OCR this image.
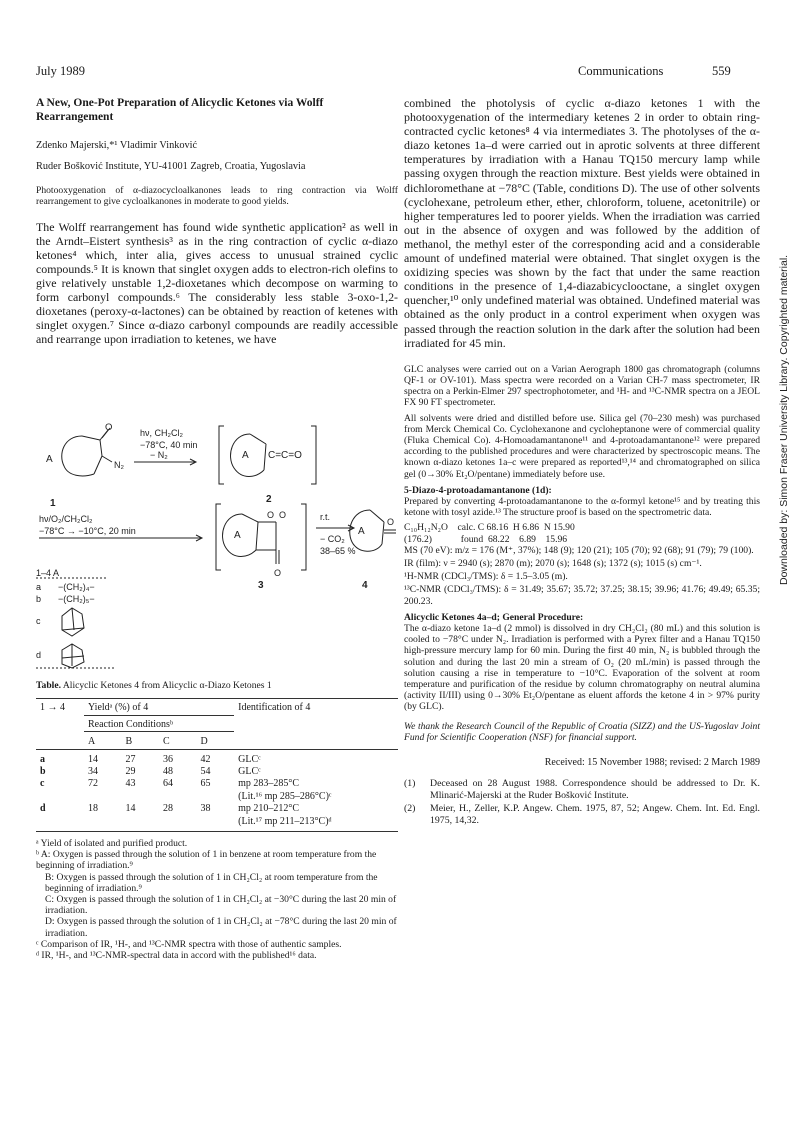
July 1989	Communications	559
Downloaded by: Simon Fraser University Library. Copyrighted material.

A New, One-Pot Preparation of Alicyclic Ketones via Wolff Rearrangement

Zdenko Majerski,*¹ Vladimir Vinković

Ruder Bošković Institute, YU-41001 Zagreb, Croatia, Yugoslavia

Photooxygenation of α-diazocycloalkanones leads to ring contraction via Wolff rearrangement to give cycloalkanones in moderate to good yields.

The Wolff rearrangement has found wide synthetic application² as well in the Arndt–Eistert synthesis³ as in the ring contraction of cyclic α-diazo ketones⁴ which, inter alia, gives access to unusual strained cyclic compounds.⁵ It is known that singlet oxygen adds to electron-rich olefins to give relatively unstable 1,2-dioxetanes which decompose on warming to form carbonyl compounds.⁶ The considerably less stable 3-oxo-1,2-dioxetanes (peroxy-α-lactones) can be obtained by reaction of ketenes with singlet oxygen.⁷ Since α-diazo carbonyl compounds are readily accessible and rearrange upon irradiation to ketenes, we have

O
A	N₂
1
hν, CH₂Cl₂
−78°C, 40 min
− N₂	A C=C=O
2
hν/O₂/CH₂Cl₂
−78°C → −10°C, 20 min	A
O O
O
3
r.t.
− CO₂
38–65 %
A
O
4
1–4 A
a −(CH₂)₄−
b −(CH₂)₅−
c
d

Table. Alicyclic Ketones 4 from Alicyclic α-Diazo Ketones 1

1 → 4	Yieldᵃ (%) of 4				Identification of 4
	Reaction Conditionsᵇ				

	A	B	C	D	

a	14	27	36	42	GLCᶜ
b	34	29	48	54	GLCᶜ
c	72	43	64	65	mp 283–285°C
					(Lit.¹⁶ mp 285–286°C)ᶜ
d	18	14	28	38	mp 210–212°C
					(Lit.¹⁷ mp 211–213°C)ᵈ

ᵃ Yield of isolated and purified product.

ᵇ A: Oxygen is passed through the solution of 1 in benzene at room temperature from the beginning of irradiation.⁹

B: Oxygen is passed through the solution of 1 in CH₂Cl₂ at room temperature from the beginning of irradiation.⁹

C: Oxygen is passed through the solution of 1 in CH₂Cl₂ at −30°C during the last 20 min of irradiation.

D: Oxygen is passed through the solution of 1 in CH₂Cl₂ at −78°C during the last 20 min of irradiation.

ᶜ Comparison of IR, ¹H-, and ¹³C-NMR spectra with those of authentic samples.

ᵈ IR, ¹H-, and ¹³C-NMR-spectral data in accord with the published¹⁶ data.

combined the photolysis of cyclic α-diazo ketones 1 with the photooxygenation of the intermediary ketenes 2 in order to obtain ring-contracted cyclic ketones⁸ 4 via intermediates 3. The photolyses of the α-diazo ketones 1a–d were carried out in aprotic solvents at three different temperatures by irradiation with a Hanau TQ150 mercury lamp while passing oxygen through the reaction mixture. Best yields were obtained in dichloromethane at −78°C (Table, conditions D). The use of other solvents (cyclohexane, petroleum ether, ether, chloroform, toluene, acetonitrile) or higher temperatures led to poorer yields. When the irradiation was carried out in the absence of oxygen and was followed by the addition of methanol, the methyl ester of the corresponding acid and a considerable amount of undefined material were obtained. That singlet oxygen is the oxidizing species was shown by the fact that under the same reaction conditions in the presence of 1,4-diazabicyclooctane, a singlet oxygen quencher,¹⁰ only undefined material was obtained. Undefined material was obtained as the only product in a control experiment when oxygen was passed through the reaction solution in the dark after the solution had been irradiated for 45 min.

GLC analyses were carried out on a Varian Aerograph 1800 gas chromatograph (columns QF-1 or OV-101). Mass spectra were recorded on a Varian CH-7 mass spectrometer, IR spectra on a Perkin-Elmer 297 spectrophotometer, and ¹H- and ¹³C-NMR spectra on a JEOL FX 90 FT spectrometer.

All solvents were dried and distilled before use. Silica gel (70–230 mesh) was purchased from Merck Chemical Co. Cyclohexanone and cycloheptanone were of commercial quality (Fluka Chemical Co). 4-Homoadamantanone¹¹ and 4-protoadamantanone¹² were prepared according to the published procedures and were characterized by spectroscopic means. The known α-diazo ketones 1a–c were prepared as reported¹³,¹⁴ and chromatographed on silica gel (0→30% Et₂O/pentane) immediately before use.

5-Diazo-4-protoadamantanone (1d):

Prepared by converting 4-protoadamantanone to the α-formyl ketone¹⁵ and by treating this ketone with tosyl azide.¹³ The structure proof is based on the spectrometric data.

C₁₀H₁₂N₂O calc. C 68.16  H 6.86  N 15.90
(176.2)	found  68.22    6.89    15.96

MS (70 eV): m/z = 176 (M⁺, 37%); 148 (9); 120 (21); 105 (70); 92 (68); 91 (79); 79 (100).

IR (film): ν = 2940 (s); 2870 (m); 2070 (s); 1648 (s); 1372 (s); 1015 (s) cm⁻¹.

¹H-NMR (CDCl₃/TMS): δ = 1.5–3.05 (m).

¹³C-NMR (CDCl₃/TMS): δ = 31.49; 35.67; 35.72; 37.25; 38.15; 39.96; 41.76; 49.49; 65.35; 200.23.

Alicyclic Ketones 4a–d; General Procedure:

The α-diazo ketone 1a–d (2 mmol) is dissolved in dry CH₂Cl₂ (80 mL) and this solution is cooled to −78°C under N₂. Irradiation is performed with a Pyrex filter and a Hanau TQ150 high-pressure mercury lamp for 60 min. During the first 40 min, N₂ is bubbled through the solution and during the last 20 min a stream of O₂ (20 mL/min) is passed through the solution causing a rise in temperature to −10°C. Evaporation of the solvent at room temperature and purification of the residue by column chromatography on neutral alumina (activity II/III) using 0→30% Et₂O/pentane as eluent affords the ketone 4 in > 97% purity (by GLC).

We thank the Research Council of the Republic of Croatia (SIZZ) and the US-Yugoslav Joint Fund for Scientific Cooperation (NSF) for financial support.

Received: 15 November 1988; revised: 2 March 1989

(1)	Deceased on 28 August 1988. Correspondence should be addressed to Dr. K. Mlinarić-Majerski at the Ruder Bošković Institute.
(2)	Meier, H., Zeller, K.P. Angew. Chem. 1975, 87, 52; Angew. Chem. Int. Ed. Engl. 1975, 14,32.
